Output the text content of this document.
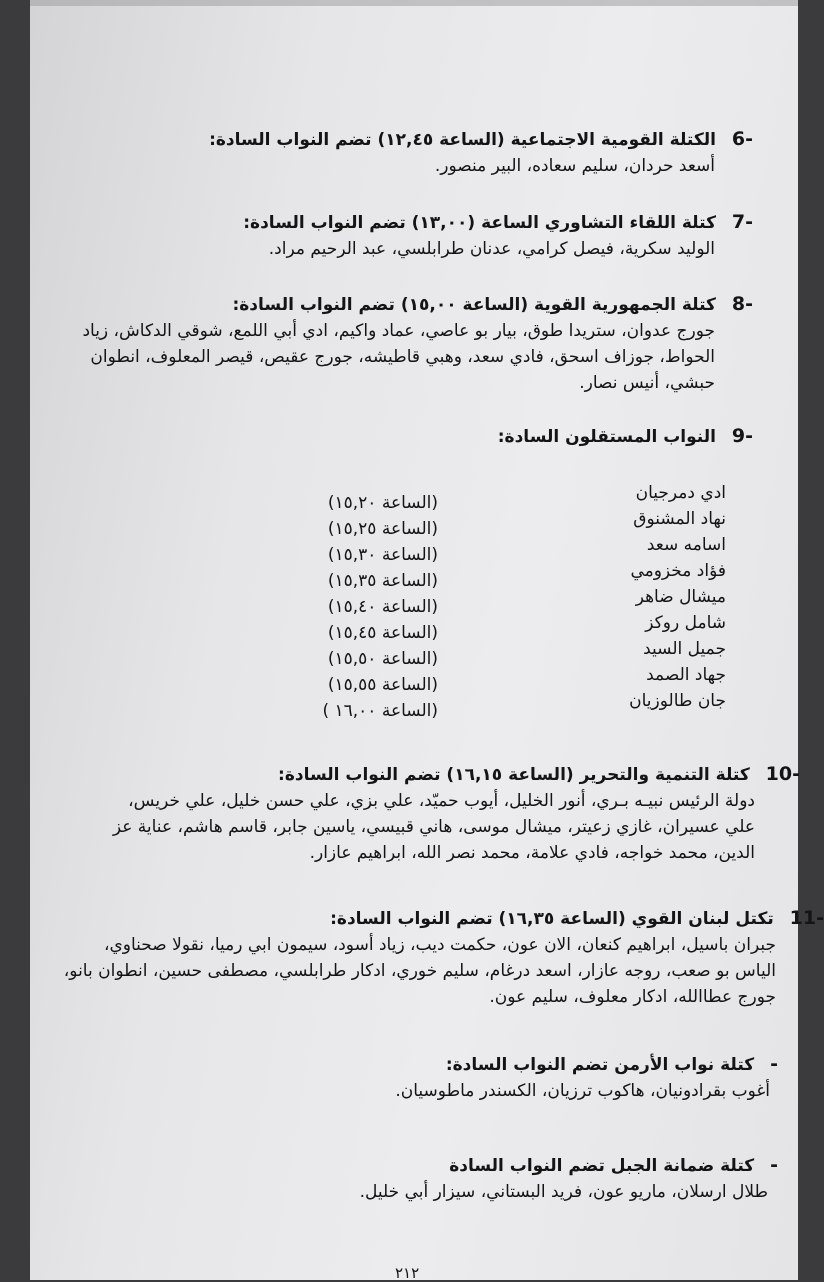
-6 الكتلة القومية الاجتماعية (الساعة ١٢,٤٥) تضم النواب السادة:
أسعد حردان، سليم سعاده، البير منصور.
-7 كتلة اللقاء التشاوري الساعة (١٣,٠٠) تضم النواب السادة:
الوليد سكرية، فيصل كرامي، عدنان طرابلسي، عبد الرحيم مراد.
-8 كتلة الجمهورية القوية (الساعة ١٥,٠٠) تضم النواب السادة:
جورج عدوان، ستريدا طوق، بيار بو عاصي، عماد واكيم، ادي أبي اللمع، شوقي الدكاش، زياد الحواط، جوزاف اسحق، فادي سعد، وهبي قاطيشه، جورج عقيص، قيصر المعلوف، انطوان حبشي، أنيس نصار.
-9 النواب المستقلون السادة:
ادي دمرجيان
(الساعة ١٥,٢٠)
نهاد المشنوق
(الساعة ١٥,٢٥)
اسامه سعد
(الساعة ١٥,٣٠)
فؤاد مخزومي
(الساعة ١٥,٣٥)
ميشال ضاهر
(الساعة ١٥,٤٠)
شامل روكز
(الساعة ١٥,٤٥)
جميل السيد
(الساعة ١٥,٥٠)
جهاد الصمد
(الساعة ١٥,٥٥)
جان طالوزيان
(الساعة ١٦,٠٠ )
-10 كتلة التنمية والتحرير (الساعة ١٦,١٥) تضم النواب السادة:
دولة الرئيس نبيـه بـري، أنور الخليل، أيوب حميّد، علي بزي، علي حسن خليل، علي خريس، علي عسيران، غازي زعيتر، ميشال موسى، هاني قبيسي، ياسين جابر، قاسم هاشم، عناية عز الدين، محمد خواجه، فادي علامة، محمد نصر الله، ابراهيم عازار.
-11 تكتل لبنان القوي (الساعة ١٦,٣٥) تضم النواب السادة:
جبران باسيل، ابراهيم كنعان، الان عون، حكمت ديب، زياد أسود، سيمون ابي رميا، نقولا صحناوي، الياس بو صعب، روجه عازار، اسعد درغام، سليم خوري، ادكار طرابلسي، مصطفى حسين، انطوان بانو، جورج عطاالله، ادكار معلوف، سليم عون.
- كتلة نواب الأرمن تضم النواب السادة:
أغوب بقرادونيان، هاكوب ترزيان، الكسندر ماطوسيان.
- كتلة ضمانة الجبل تضم النواب السادة
طلال ارسلان، ماريو عون، فريد البستاني، سيزار أبي خليل.
٢١٢
